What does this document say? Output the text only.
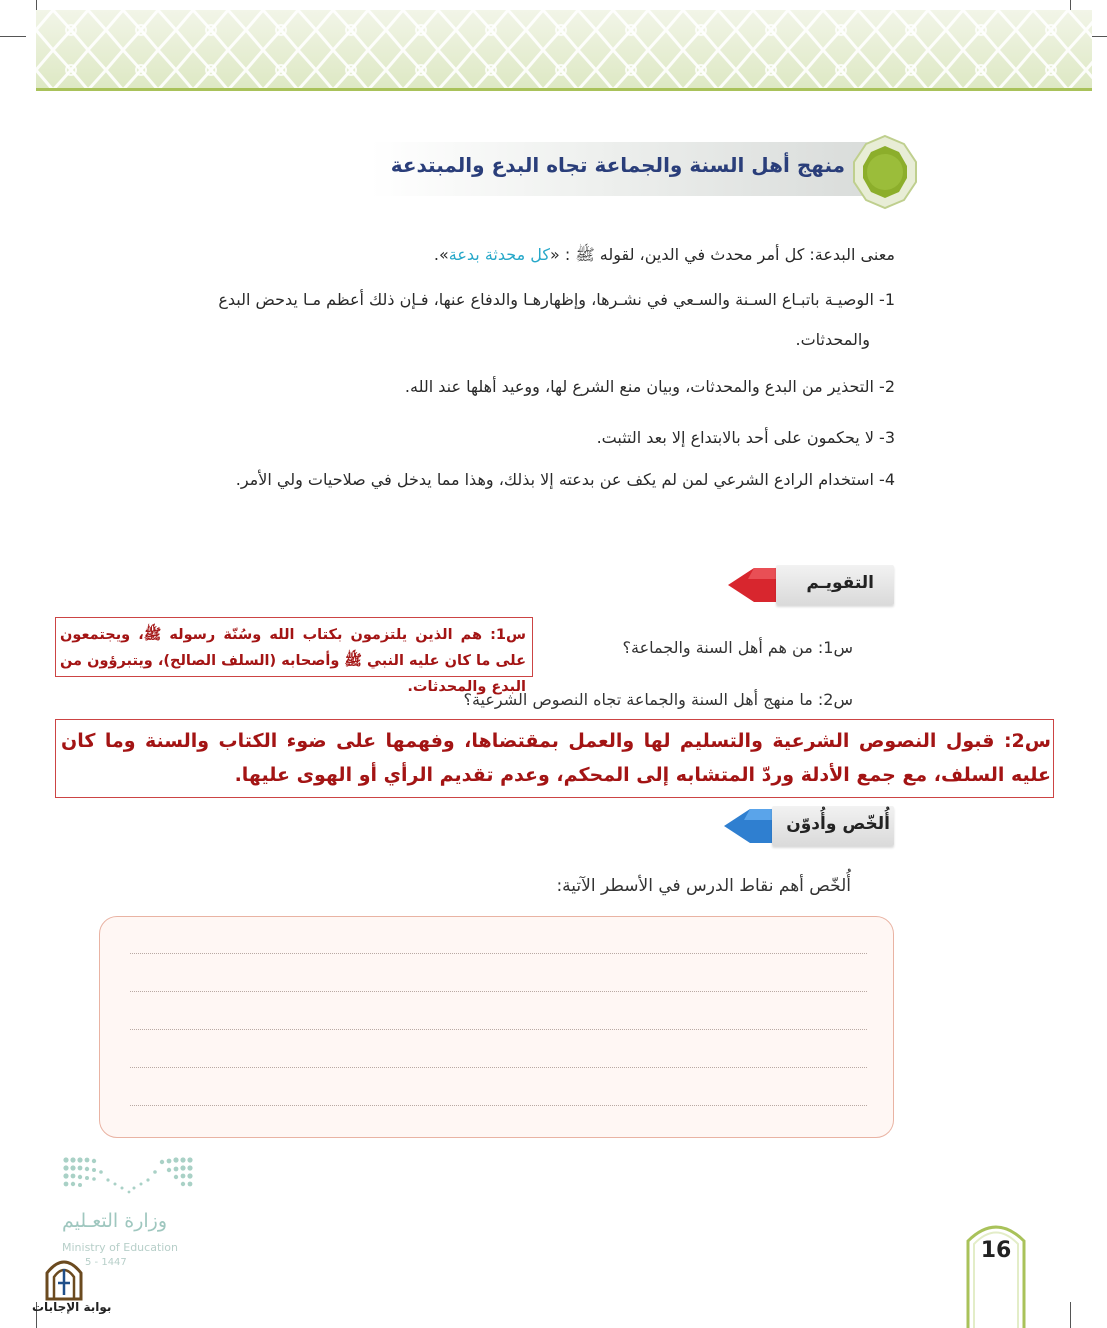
منهج أهل السنة والجماعة تجاه البدع والمبتدعة
معنى البدعة: كل أمر محدث في الدين، لقوله ﷺ : «كل محدثة بدعة».
1- الوصيـة باتبـاع السـنة والسـعي في نشـرها، وإظهارهـا والدفاع عنها، فـإن ذلك أعظم مـا يدحض البدع
والمحدثات.
2- التحذير من البدع والمحدثات، وبيان منع الشرع لها، ووعيد أهلها عند الله.
3- لا يحكمون على أحد بالابتداع إلا بعد التثبت.
4- استخدام الرادع الشرعي لمن لم يكف عن بدعته إلا بذلك، وهذا مما يدخل في صلاحيات ولي الأمر.
التقويـم
س1: من هم أهل السنة والجماعة؟
س1: هم الذين يلتزمون بكتاب الله وسُنّة رسوله ﷺ، ويجتمعون على ما كان عليه النبي ﷺ وأصحابه (السلف الصالح)، ويتبرؤون من البدع والمحدثات.
س2: ما منهج أهل السنة والجماعة تجاه النصوص الشرعية؟
س2: قبول النصوص الشرعية والتسليم لها والعمل بمقتضاها، وفهمها على ضوء الكتاب والسنة وما كان عليه السلف، مع جمع الأدلة وردّ المتشابه إلى المحكم، وعدم تقديم الرأي أو الهوى عليها.
أُلخّص وأُدوّن
أُلخّص أهم نقاط الدرس في الأسطر الآتية:
وزارة التعـليم
Ministry of Education
5 - 1447
بوابة الإجابات
16
